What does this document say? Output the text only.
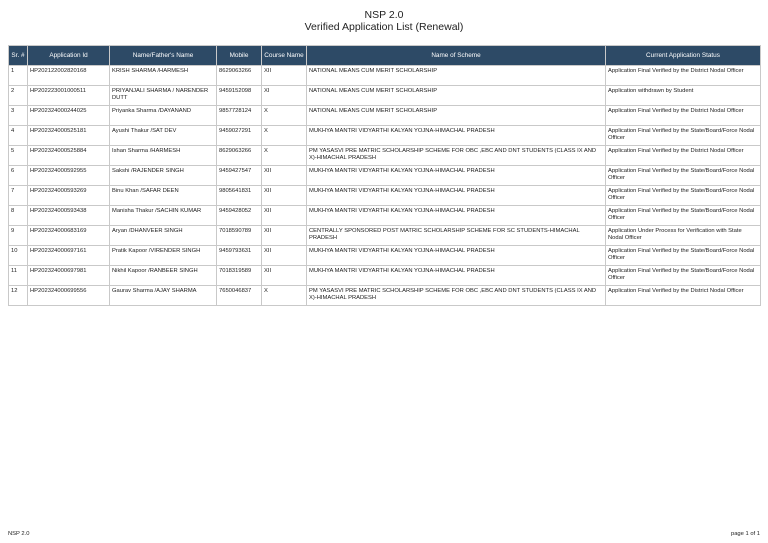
NSP 2.0
Verified Application List (Renewal)
Sr. #	Application Id	Name/Father's Name	Mobile	Course Name	Name of Scheme	Current Application Status
1	HP202122002820168	KRISH SHARMA /HARMESH	8629063266	XII	NATIONAL MEANS CUM MERIT SCHOLARSHIP	Application Final Verified by the District Nodal Officer
2	HP202223001000511	PRIYANJALI SHARMA / NARENDER DUTT	9459152098	XI	NATIONAL MEANS CUM MERIT SCHOLARSHIP	Application withdrawn by Student
3	HP202324000244025	Priyanka Sharma /DAYANAND	9857728124	X	NATIONAL MEANS CUM MERIT SCHOLARSHIP	Application Final Verified by the District Nodal Officer
4	HP202324000525181	Ayushi Thakur /SAT DEV	9459027291	X	MUKHYA MANTRI VIDYARTHI KALYAN YOJNA-HIMACHAL PRADESH	Application Final Verified by the State/Board/Force Nodal Officer
5	HP202324000525884	Ishan Sharma /HARMESH	8629063266	X	PM YASASVI PRE MATRIC SCHOLARSHIP SCHEME FOR OBC ,EBC AND DNT STUDENTS (CLASS IX AND X)-HIMACHAL PRADESH	Application Final Verified by the District Nodal Officer
6	HP202324000592955	Sakshi /RAJENDER SINGH	9459427547	XII	MUKHYA MANTRI VIDYARTHI KALYAN YOJNA-HIMACHAL PRADESH	Application Final Verified by the State/Board/Force Nodal Officer
7	HP202324000593269	Binu Khan /SAFAR DEEN	9805641831	XII	MUKHYA MANTRI VIDYARTHI KALYAN YOJNA-HIMACHAL PRADESH	Application Final Verified by the State/Board/Force Nodal Officer
8	HP202324000593438	Manisha Thakur /SACHIN KUMAR	9459428052	XII	MUKHYA MANTRI VIDYARTHI KALYAN YOJNA-HIMACHAL PRADESH	Application Final Verified by the State/Board/Force Nodal Officer
9	HP202324000683169	Aryan /DHANVEER SINGH	7018590789	XII	CENTRALLY SPONSORED POST MATRIC SCHOLARSHIP SCHEME FOR SC STUDENTS-HIMACHAL PRADESH	Application Under Process for Verification with State Nodal Officer
10	HP202324000697161	Pratik Kapoor /VIRENDER SINGH	9459793631	XII	MUKHYA MANTRI VIDYARTHI KALYAN YOJNA-HIMACHAL PRADESH	Application Final Verified by the State/Board/Force Nodal Officer
11	HP202324000697981	Nikhil Kapoor /RANBEER SINGH	7018319589	XII	MUKHYA MANTRI VIDYARTHI KALYAN YOJNA-HIMACHAL PRADESH	Application Final Verified by the State/Board/Force Nodal Officer
12	HP202324000699556	Gaurav Sharma /AJAY SHARMA	7650046837	X	PM YASASVI PRE MATRIC SCHOLARSHIP SCHEME FOR OBC ,EBC AND DNT STUDENTS (CLASS IX AND X)-HIMACHAL PRADESH	Application Final Verified by the District Nodal Officer
NSP 2.0	page 1 of 1
